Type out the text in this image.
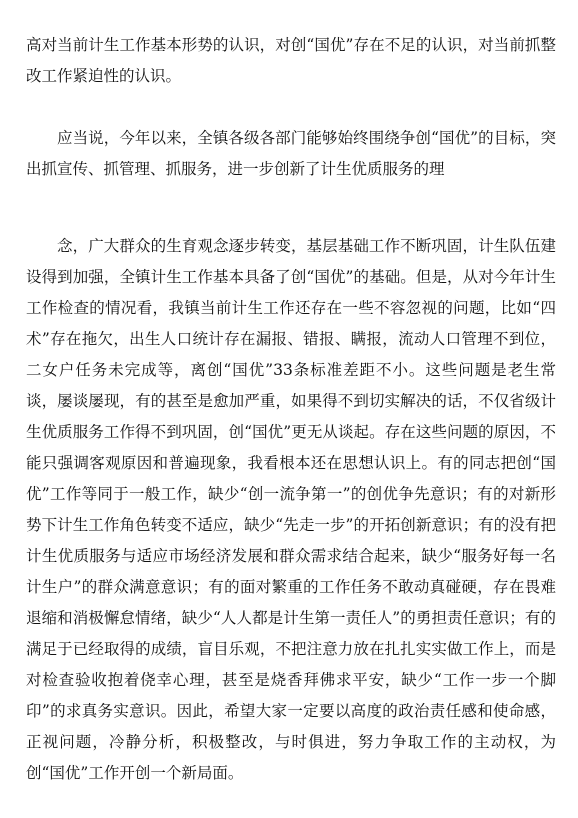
高对当前计生工作基本形势的认识，对创“国优”存在不足的认识，对当前抓整改工作紧迫性的认识。

应当说，今年以来，全镇各级各部门能够始终围绕争创“国优”的目标，突出抓宣传、抓管理、抓服务，进一步创新了计生优质服务的理

念，广大群众的生育观念逐步转变，基层基础工作不断巩固，计生队伍建设得到加强，全镇计生工作基本具备了创“国优”的基础。但是，从对今年计生工作检查的情况看，我镇当前计生工作还存在一些不容忽视的问题，比如“四术”存在拖欠，出生人口统计存在漏报、错报、瞒报，流动人口管理不到位，二女户任务未完成等，离创“国优”33条标准差距不小。这些问题是老生常谈，屡谈屡现，有的甚至是愈加严重，如果得不到切实解决的话，不仅省级计生优质服务工作得不到巩固，创“国优”更无从谈起。存在这些问题的原因，不能只强调客观原因和普遍现象，我看根本还在思想认识上。有的同志把创“国优”工作等同于一般工作，缺少“创一流争第一”的创优争先意识；有的对新形势下计生工作角色转变不适应，缺少“先走一步”的开拓创新意识；有的没有把计生优质服务与适应市场经济发展和群众需求结合起来，缺少“服务好每一名计生户”的群众满意意识；有的面对繁重的工作任务不敢动真碰硬，存在畏难退缩和消极懈怠情绪，缺少“人人都是计生第一责任人”的勇担责任意识；有的满足于已经取得的成绩，盲目乐观，不把注意力放在扎扎实实做工作上，而是对检查验收抱着侥幸心理，甚至是烧香拜佛求平安，缺少“工作一步一个脚印”的求真务实意识。因此，希望大家一定要以高度的政治责任感和使命感，正视问题，冷静分析，积极整改，与时俱进，努力争取工作的主动权，为创“国优”工作开创一个新局面。
